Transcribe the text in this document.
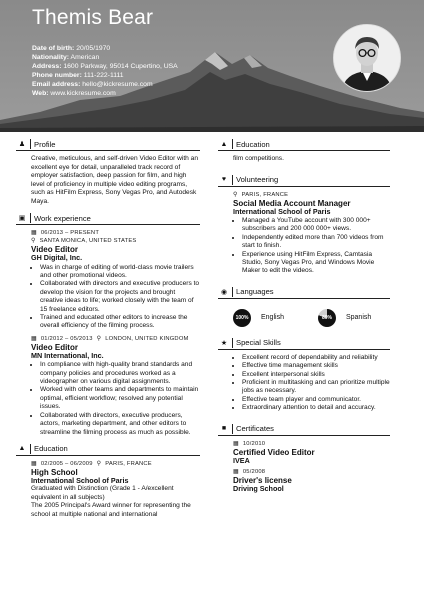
Themis Bear
Date of birth: 20/05/1970
Nationality: American
Address: 1600 Parkway, 95014 Cupertino, USA
Phone number: 111-222-1111
Email address: hello@kickresume.com
Web: www.kickresume.com
♟	Profile
Creative, meticulous, and self-driven Video Editor with an excellent eye for detail, unparalleled track record of employer satisfaction, deep passion for film, and high level of proficiency in multiple video editing programs, such as HitFilm Express, Sony Vegas Pro, and Autodesk Maya.
▣	Work experience
▦ 06/2013 – PRESENT
⚲ SANTA MONICA, UNITED STATES
Video Editor
GH Digital, Inc.
• Was in charge of editing of world-class movie trailers and other promotional videos.
• Collaborated with directors and executive producers to develop the vision for the projects and brought creative ideas to life; worked closely with the team of 15 freelance editors.
• Trained and educated other editors to increase the overall efficiency of the filming process.
▦ 01/2012 – 05/2013 ⚲ LONDON, UNITED KINGDOM
Video Editor
MN International, Inc.
• In compliance with high-quality brand standards and company policies and procedures worked as a videographer on various digital assignments.
• Worked with other teams and departments to maintain optimal, efficient workflow; resolved any potential issues.
• Collaborated with directors, executive producers, actors, marketing department, and other editors to streamline the filming process as much as possible.
▲	Education
▦ 02/2005 – 06/2009 ⚲ PARIS, FRANCE
High School
International School of Paris
Graduated with Distinction (Grade 1 - A/excellent equivalent in all subjects)
The 2005 Principal's Award winner for representing the school at multiple national and international
▲	Education
film competitions.
♥	Volunteering
⚲ PARIS, FRANCE
Social Media Account Manager
International School of Paris
• Managed a YouTube account with 300 000+ subscribers and 200 000 000+ views.
• Independently edited more than 700 videos from start to finish.
• Experience using HitFilm Express, Camtasia Studio, Sony Vegas Pro, and Windows Movie Maker to edit the videos.
◉	Languages
100 % English	80 % Spanish
★	Special Skills
• Excellent record of dependability and reliability
• Effective time management skills
• Excellent interpersonal skills
• Proficient in multitasking and can prioritize multiple jobs as necessary.
• Effective team player and communicator.
• Extraordinary attention to detail and accuracy.
■	Certificates
▦ 10/2010
Certified Video Editor
IVEA
▦ 05/2008
Driver's license
Driving School
